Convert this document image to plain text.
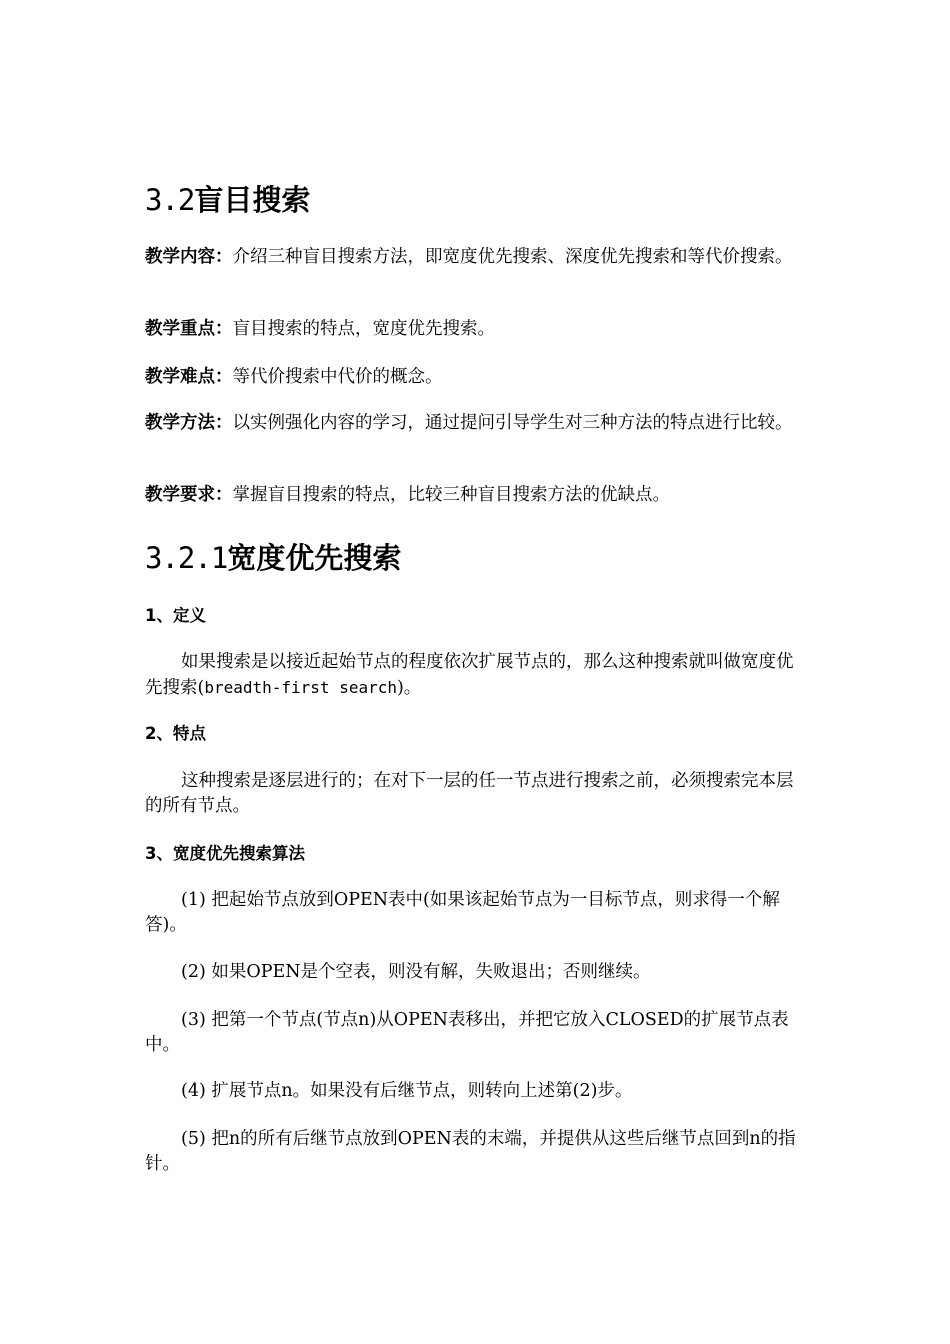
3.2盲目搜索

教学内容：介绍三种盲目搜索方法，即宽度优先搜索、深度优先搜索和等代价搜索。

教学重点：盲目搜索的特点，宽度优先搜索。

教学难点：等代价搜索中代价的概念。

教学方法：以实例强化内容的学习，通过提问引导学生对三种方法的特点进行比较。

教学要求：掌握盲目搜索的特点，比较三种盲目搜索方法的优缺点。

3.2.1宽度优先搜索

1、定义

如果搜索是以接近起始节点的程度依次扩展节点的，那么这种搜索就叫做宽度优先搜索(breadth-first search)。

2、特点

这种搜索是逐层进行的；在对下一层的任一节点进行搜索之前，必须搜索完本层的所有节点。

3、宽度优先搜索算法

(1) 把起始节点放到OPEN表中(如果该起始节点为一目标节点，则求得一个解答)。

(2) 如果OPEN是个空表，则没有解，失败退出；否则继续。

(3) 把第一个节点(节点n)从OPEN表移出，并把它放入CLOSED的扩展节点表中。

(4) 扩展节点n。如果没有后继节点，则转向上述第(2)步。

(5) 把n的所有后继节点放到OPEN表的末端，并提供从这些后继节点回到n的指针。
